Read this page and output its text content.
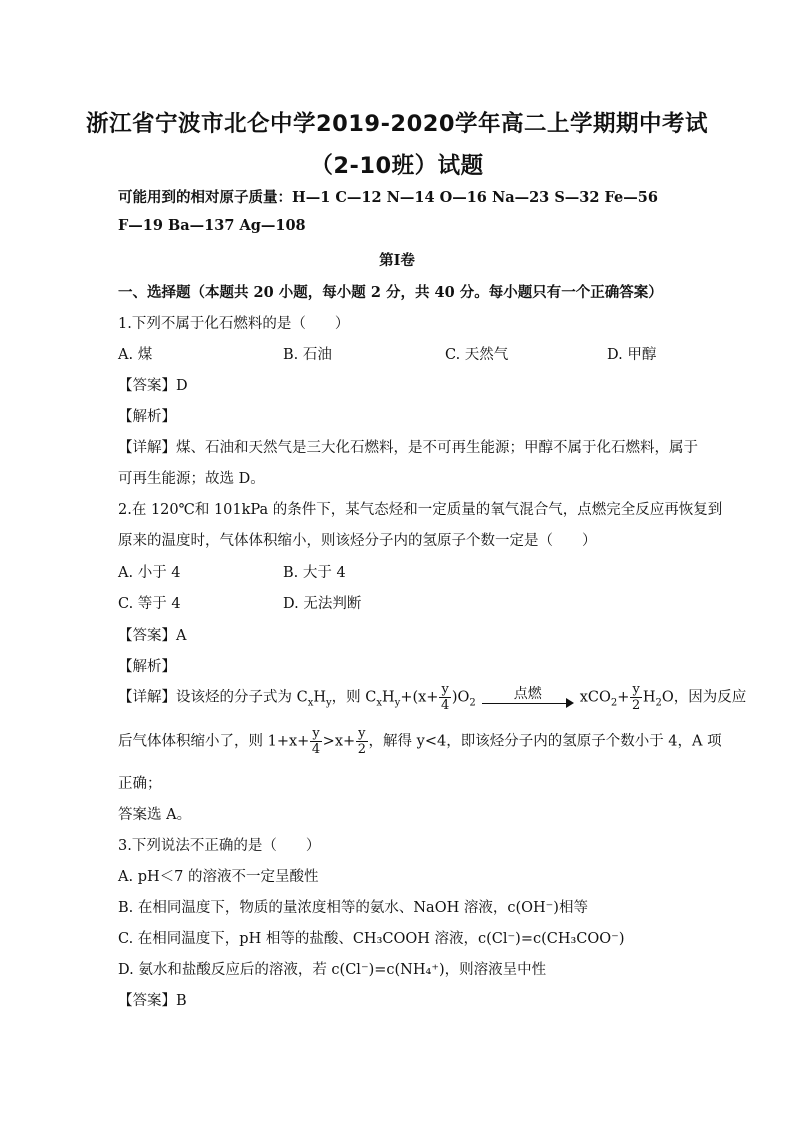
浙江省宁波市北仑中学2019-2020学年高二上学期期中考试
（2-10班）试题
可能用到的相对原子质量：H—1 C—12 N—14 O—16 Na—23 S—32 Fe—56
F—19 Ba—137 Ag—108
第I卷
一、选择题（本题共 20 小题，每小题 2 分，共 40 分。每小题只有一个正确答案）
1.下列不属于化石燃料的是（　　）
A. 煤	B. 石油	C. 天然气	D. 甲醇
【答案】D
【解析】
【详解】煤、石油和天然气是三大化石燃料，是不可再生能源；甲醇不属于化石燃料，属于
可再生能源；故选 D。
2.在 120℃和 101kPa 的条件下，某气态烃和一定质量的氧气混合气，点燃完全反应再恢复到
原来的温度时，气体体积缩小，则该烃分子内的氢原子个数一定是（　　）
A. 小于 4	B. 大于 4
C. 等于 4	D. 无法判断
【答案】A
【解析】
【详解】设该烃的分子式为 $C_xH_y$，则 $C_xH_y+(x+ \frac{y}{4} )O_2$
点燃	$xCO_2+ \frac{y}{2} H_2O$，因为反应
后气体体积缩小了，则 $1+x+ \frac{y}{4} >x+ \frac{y}{2}$ ，解得 y<4，即该烃分子内的氢原子个数小于 4，A 项
正确；
答案选 A。
3.下列说法不正确的是（　　）
A. pH＜7 的溶液不一定呈酸性
B. 在相同温度下，物质的量浓度相等的氨水、NaOH 溶液，c(OH⁻)相等
C. 在相同温度下，pH 相等的盐酸、CH₃COOH 溶液，c(Cl⁻)=c(CH₃COO⁻)
D. 氨水和盐酸反应后的溶液，若 c(Cl⁻)=c(NH₄⁺)，则溶液呈中性
【答案】B
